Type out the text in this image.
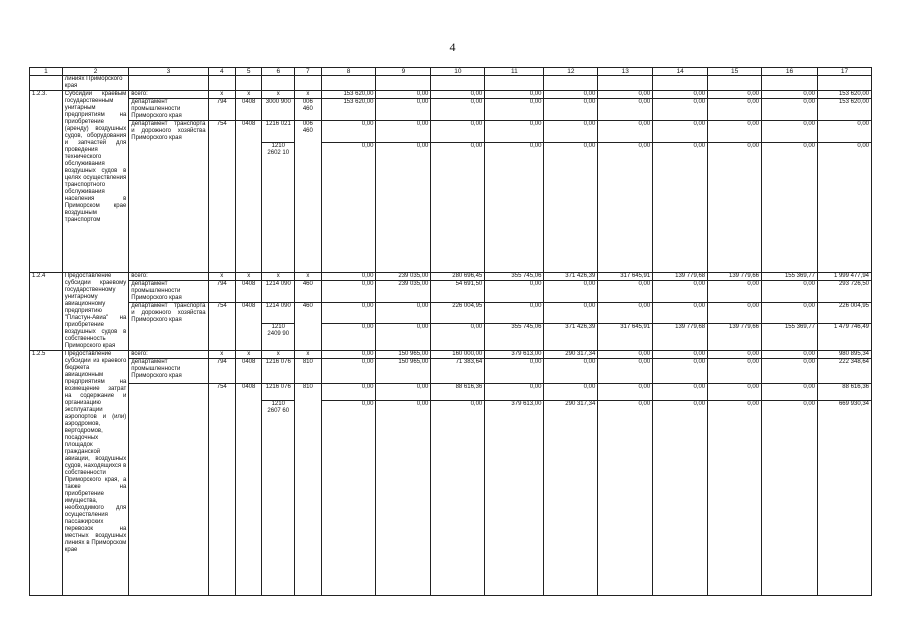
4
1	2	3	4	5	6	7	8	9	10	11	12	13	14	15	16	17
	линиях Приморского края															
1.2.3.	Субсидии краевым государственным унитарным предприятиям на приобретение (аренду) воздушных судов, оборудования и запчастей для проведения технического обслуживания воздушных судов в целях осуществления транспортного обслуживания населения в Приморском крае воздушным транспортом	всего:	х	х	х	х	153 620,00	0,00	0,00	0,00	0,00	0,00	0,00	0,00	0,00	153 620,00
		департамент промышленности Приморского края	794	0408	3000 900	006 460	153 620,00	0,00	0,00	0,00	0,00	0,00	0,00	0,00	0,00	153 620,00
		департамент транспорта и дорожного хозяйства Приморского края	754	0408	1216 021	006 460	0,00	0,00	0,00	0,00	0,00	0,00	0,00	0,00	0,00	0,00
					1210 2602 10		0,00	0,00	0,00	0,00	0,00	0,00	0,00	0,00	0,00	0,00
1.2.4	Предоставление субсидии краевому государственному унитарному авиационному предприятию "Пластун-Авиа" на приобретение воздушных судов в собственность Приморского края	всего:	х	х	х	х	0,00	239 035,00	280 696,45	355 745,06	371 426,39	317 645,91	139 779,68	139 779,66	155 369,77	1 999 477,94
		департамент промышленности Приморского края	794	0408	1214 090	460	0,00	239 035,00	54 691,50	0,00	0,00	0,00	0,00	0,00	0,00	293 726,50
		департамент транспорта и дорожного хозяйства Приморского края	754	0408	1214 090	460	0,00	0,00	226 004,95	0,00	0,00	0,00	0,00	0,00	0,00	226 004,95
					1210 2409 90		0,00	0,00	0,00	355 745,06	371 426,39	317 645,91	139 779,68	139 779,66	155 369,77	1 479 746,49
1.2.5	Предоставление субсидии из краевого бюджета авиационным предприятиям на возмещение затрат на содержание и организацию эксплуатации аэропортов и (или) аэродромов, вертодромов, посадочных площадок гражданской авиации, воздушных судов, находящихся в собственности Приморского края, а также на приобретение имущества, необходимого для осуществления пассажирских перевозок на местных воздушных линиях в Приморском крае	всего:	х	х	х	х	0,00	150 965,00	160 000,00	379 613,00	290 317,34	0,00	0,00	0,00	0,00	980 895,34
		департамент промышленности Приморского края	794	0408	1216 076	810	0,00	150 965,00	71 383,64	0,00	0,00	0,00	0,00	0,00	0,00	222 348,64
			754	0408	1216 076	810	0,00	0,00	88 616,36	0,00	0,00	0,00	0,00	0,00	0,00	88 616,36
					1210 2607 60		0,00	0,00	0,00	379 613,00	290 317,34	0,00	0,00	0,00	0,00	669 930,34
